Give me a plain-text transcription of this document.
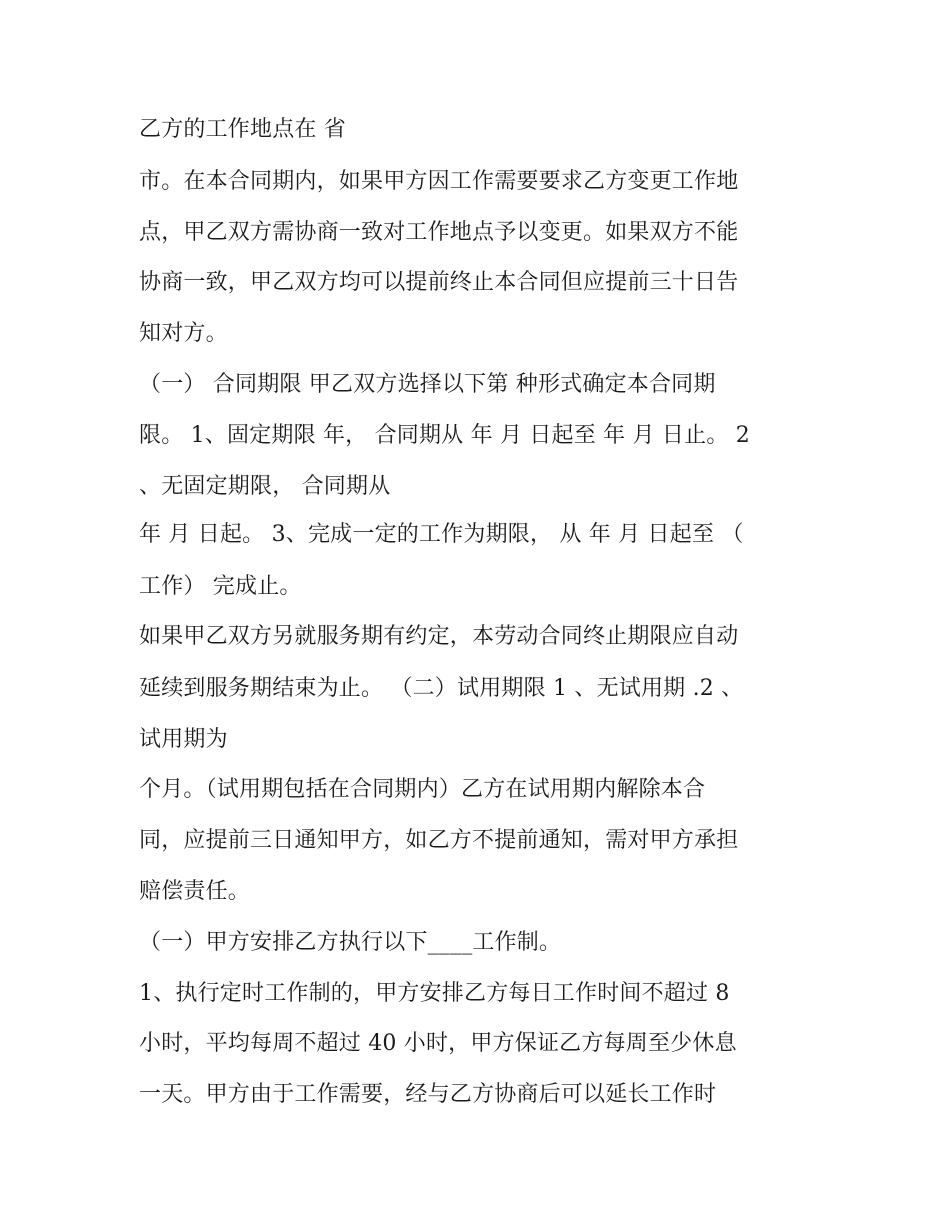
乙方的工作地点在 省
市。在本合同期内，如果甲方因工作需要要求乙方变更工作地
点，甲乙双方需协商一致对工作地点予以变更。如果双方不能
协商一致，甲乙双方均可以提前终止本合同但应提前三十日告
知对方。
（一） 合同期限 甲乙双方选择以下第 种形式确定本合同期
限。 1、固定期限 年， 合同期从 年 月 日起至 年 月 日止。 2
、无固定期限， 合同期从
年 月 日起。 3、完成一定的工作为期限， 从 年 月 日起至 （
工作） 完成止。
如果甲乙双方另就服务期有约定，本劳动合同终止期限应自动
延续到服务期结束为止。 （二）试用期限 1 、无试用期 .2 、
试用期为
个月。（试用期包括在合同期内）乙方在试用期内解除本合
同，应提前三日通知甲方，如乙方不提前通知，需对甲方承担
赔偿责任。
（一）甲方安排乙方执行以下____工作制。
1、执行定时工作制的，甲方安排乙方每日工作时间不超过 8
小时，平均每周不超过 40 小时，甲方保证乙方每周至少休息
一天。甲方由于工作需要，经与乙方协商后可以延长工作时
